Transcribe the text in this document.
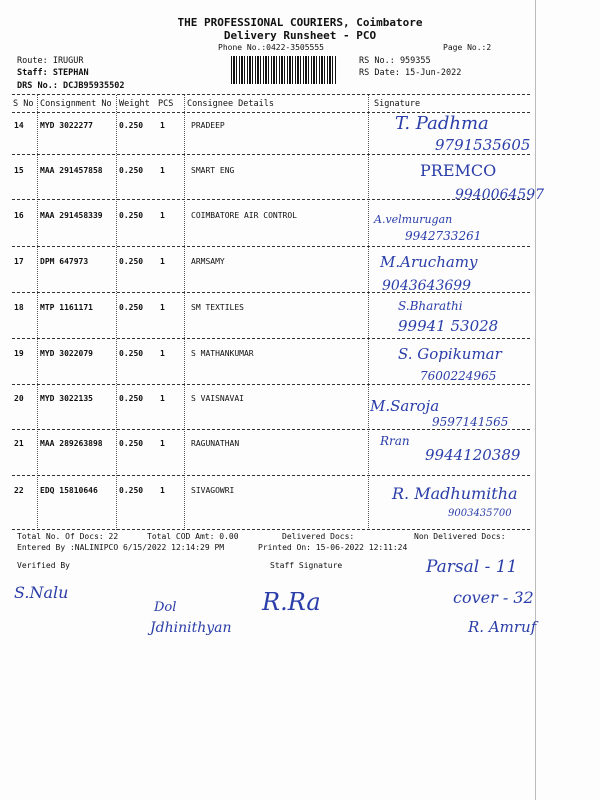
THE PROFESSIONAL COURIERS, Coimbatore
Delivery Runsheet - PCO
Phone No.:0422-3505555	Page No.:2
Route: IRUGUR
Staff: STEPHAN
DRS No.: DCJB95935502
RS No.: 959355
RS Date: 15-Jun-2022
S No Consignment No Weight PCS Consignee Details	Signature
14 MYD 3022277	0.250 1	PRADEEP	T. Padhma
9791535605
15 MAA 291457858 0.250 1	SMART ENG	PREMCO
9940064597
16 MAA 291458339 0.250 1	COIMBATORE AIR CONTROL	A.velmurugan
9942733261
17 DPM 647973	0.250 1	ARMSAMY	M.Aruchamy
9043643699
18 MTP 1161171	0.250 1	SM TEXTILES	S.Bharathi
99941 53028
19 MYD 3022079	0.250 1	S MATHANKUMAR	S. Gopikumar
7600224965
20 MYD 3022135	0.250 1	S VAISNAVAI	M.Saroja
9597141565
21 MAA 289263898 0.250 1	RAGUNATHAN	Rran
9944120389
22 EDQ 15810646	0.250 1	SIVAGOWRI	R. Madhumitha
9003435700
Total No. Of Docs: 22	Total COD Amt: 0.00	Delivered Docs:	Non Delivered Docs:
Entered By :NALINIPCO 6/15/2022 12:14:29 PM	Printed On: 15-06-2022 12:11:24
Verified By	Staff Signature
S.Nalu
Dol
Jdhinithyan
R.Ra
Parsal - 11
cover - 32
R. Amruf
